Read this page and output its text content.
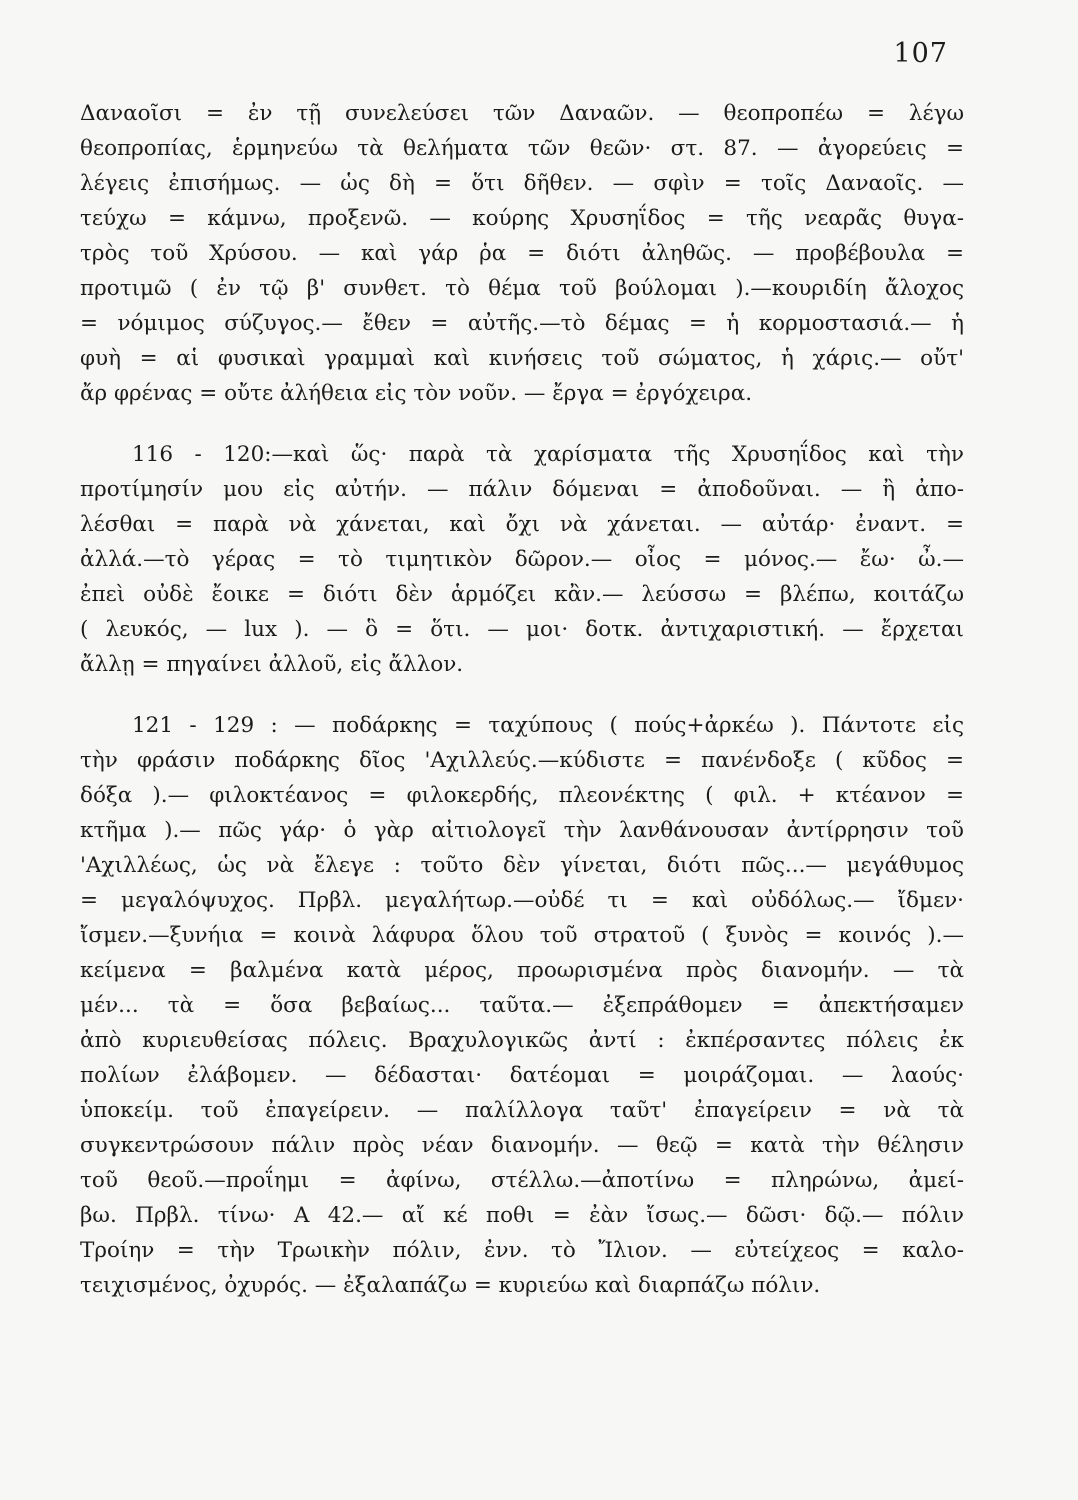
107

Δαναοῖσι = ἐν τῇ συνελεύσει τῶν Δαναῶν. — θεοπροπέω = λέγω

θεοπροπίας, ἑρμηνεύω τὰ θελήματα τῶν θεῶν· στ. 87. — ἀγορεύεις =

λέγεις ἐπισήμως. — ὡς δὴ = ὅτι δῆθεν. — σφὶν = τοῖς Δαναοῖς. —

τεύχω = κάμνω, προξενῶ. — κούρης Χρυσηΐδος = τῆς νεαρᾶς θυγα-

τρὸς τοῦ Χρύσου. — καὶ γάρ ῥα = διότι ἀληθῶς. — προβέβουλα =

προτιμῶ ( ἐν τῷ β' συνθετ. τὸ θέμα τοῦ βούλομαι ).—κουριδίη ἄλοχος

= νόμιμος σύζυγος.— ἔθεν = αὐτῆς.—τὸ δέμας = ἡ κορμοστασιά.— ἡ

φυὴ = αἱ φυσικαὶ γραμμαὶ καὶ κινήσεις τοῦ σώματος, ἡ χάρις.— οὔτ'

ἄρ φρένας = οὔτε ἀλήθεια εἰς τὸν νοῦν. — ἔργα = ἐργόχειρα.

116 - 120:—καὶ ὥς· παρὰ τὰ χαρίσματα τῆς Χρυσηΐδος καὶ τὴν

προτίμησίν μου εἰς αὐτήν. — πάλιν δόμεναι = ἀποδοῦναι. — ἢ ἀπο-

λέσθαι = παρὰ νὰ χάνεται, καὶ ὄχι νὰ χάνεται. — αὐτάρ· ἐναντ. =

ἀλλά.—τὸ γέρας = τὸ τιμητικὸν δῶρον.— οἶος = μόνος.— ἔω· ὦ.—

ἐπεὶ οὐδὲ ἔοικε = διότι δὲν ἁρμόζει κἂν.— λεύσσω = βλέπω, κοιτάζω

( λευκός, — lux ). — ὃ = ὅτι. — μοι· δοτκ. ἀντιχαριστική. — ἔρχεται

ἄλλῃ = πηγαίνει ἀλλοῦ, εἰς ἄλλον.

121 - 129 : — ποδάρκης = ταχύπους ( πούς+ἀρκέω ). Πάντοτε εἰς

τὴν φράσιν ποδάρκης δῖος 'Αχιλλεύς.—κύδιστε = πανένδοξε ( κῦδος =

δόξα ).— φιλοκτέανος = φιλοκερδής, πλεονέκτης ( φιλ. + κτέανον =

κτῆμα ).— πῶς γάρ· ὁ γὰρ αἰτιολογεῖ τὴν λανθάνουσαν ἀντίρρησιν τοῦ

'Αχιλλέως, ὡς νὰ ἔλεγε : τοῦτο δὲν γίνεται, διότι πῶς...— μεγάθυμος

= μεγαλόψυχος. Πρβλ. μεγαλήτωρ.—οὐδέ τι = καὶ οὐδόλως.— ἴδμεν·

ἴσμεν.—ξυνήια = κοινὰ λάφυρα ὅλου τοῦ στρατοῦ ( ξυνὸς = κοινός ).—

κείμενα = βαλμένα κατὰ μέρος, προωρισμένα πρὸς διανομήν. — τὰ

μέν... τὰ = ὅσα βεβαίως... ταῦτα.— ἐξεπράθομεν = ἀπεκτήσαμεν

ἀπὸ κυριευθείσας πόλεις. Βραχυλογικῶς ἀντί : ἐκπέρσαντες πόλεις ἐκ

πολίων ἐλάβομεν. — δέδασται· δατέομαι = μοιράζομαι. — λαούς·

ὑποκείμ. τοῦ ἐπαγείρειν. — παλίλλογα ταῦτ' ἐπαγείρειν = νὰ τὰ

συγκεντρώσουν πάλιν πρὸς νέαν διανομήν. — θεῷ = κατὰ τὴν θέλησιν

τοῦ θεοῦ.—προΐημι = ἀφίνω, στέλλω.—ἀποτίνω = πληρώνω, ἀμεί-

βω. Πρβλ. τίνω· Α 42.— αἴ κέ ποθι = ἐὰν ἴσως.— δῶσι· δῷ.— πόλιν

Τροίην = τὴν Τρωικὴν πόλιν, ἐνν. τὸ Ἴλιον. — εὐτείχεος = καλο-

τειχισμένος, ὀχυρός. — ἐξαλαπάζω = κυριεύω καὶ διαρπάζω πόλιν.
